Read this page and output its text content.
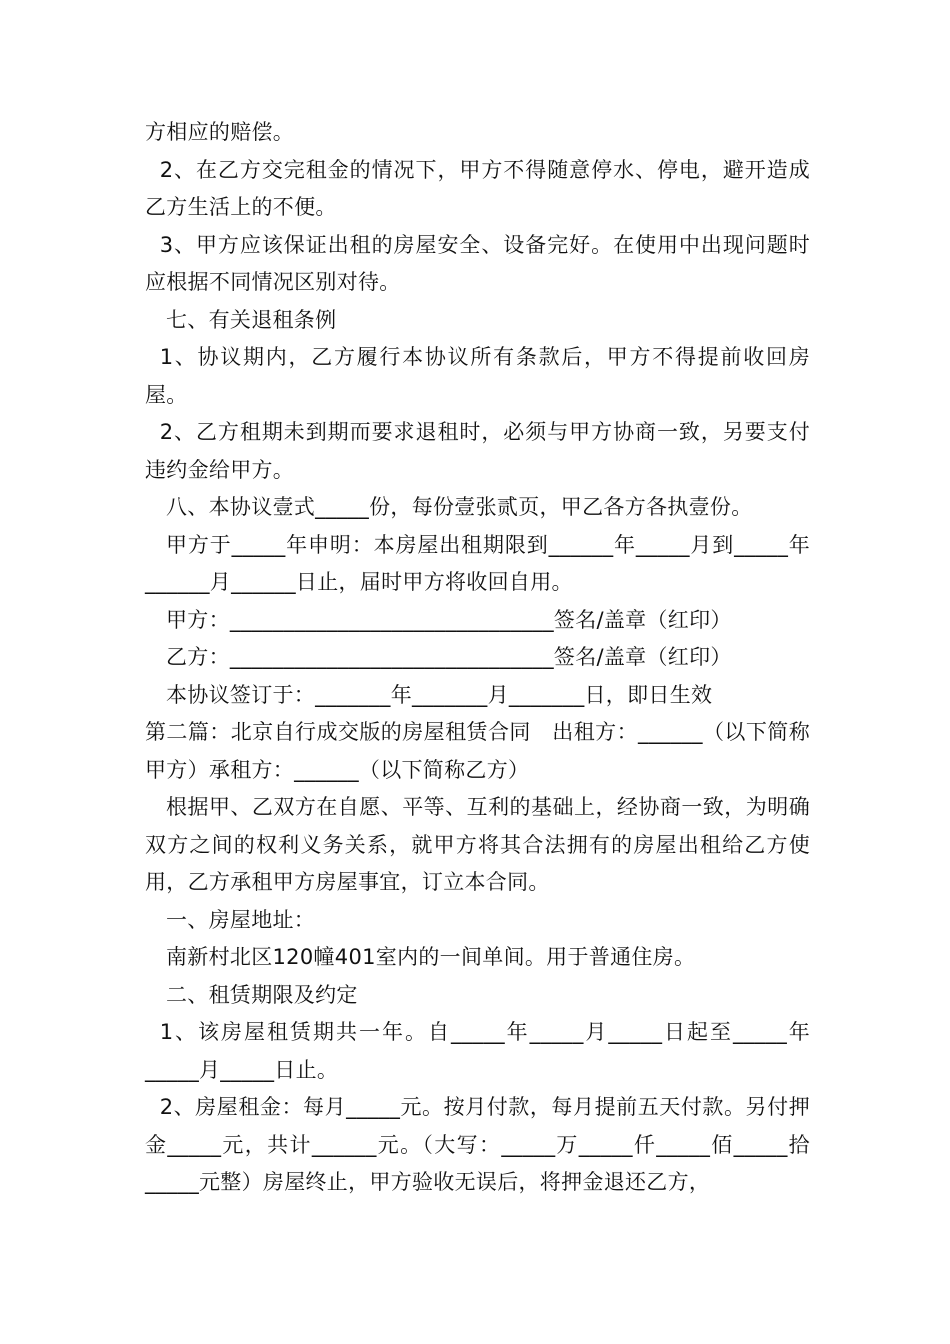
方相应的赔偿。

2、在乙方交完租金的情况下，甲方不得随意停水、停电，避开造成乙方生活上的不便。

3、甲方应该保证出租的房屋安全、设备完好。在使用中出现问题时应根据不同情况区别对待。

七、有关退租条例

1、协议期内，乙方履行本协议所有条款后，甲方不得提前收回房屋。

2、乙方租期未到期而要求退租时，必须与甲方协商一致，另要支付违约金给甲方。

八、本协议壹式_____份，每份壹张贰页，甲乙各方各执壹份。

甲方于_____年申明：本房屋出租期限到______年_____月到_____年______月______日止，届时甲方将收回自用。

甲方：______________________________签名/盖章（红印）

乙方：______________________________签名/盖章（红印）

本协议签订于：_______年_______月_______日，即日生效

第二篇：北京自行成交版的房屋租赁合同　出租方：______（以下简称甲方）承租方：______（以下简称乙方）

根据甲、乙双方在自愿、平等、互利的基础上，经协商一致，为明确双方之间的权利义务关系，就甲方将其合法拥有的房屋出租给乙方使用，乙方承租甲方房屋事宜，订立本合同。

一、房屋地址：

南新村北区120幢401室内的一间单间。用于普通住房。

二、租赁期限及约定

1、该房屋租赁期共一年。自_____年_____月_____日起至_____年_____月_____日止。

2、房屋租金：每月_____元。按月付款，每月提前五天付款。另付押金_____元，共计______元。（大写：_____万_____仟_____佰_____拾_____元整）房屋终止，甲方验收无误后，将押金退还乙方，
